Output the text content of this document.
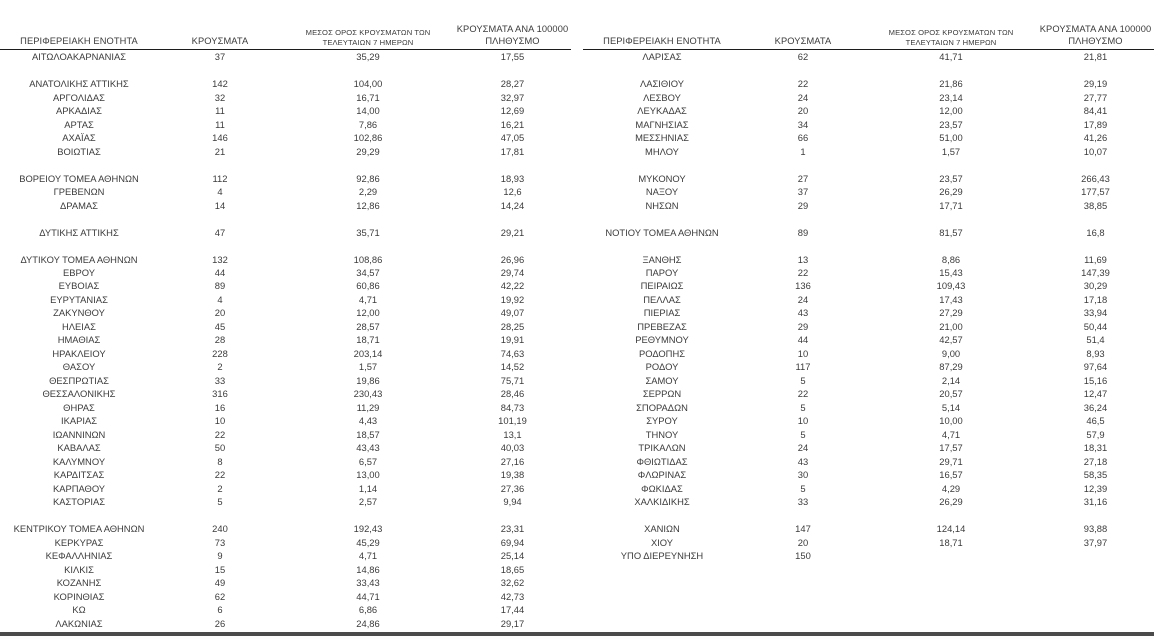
ΠΕΡΙΦΕΡΕΙΑΚΗ ΕΝΟΤΗΤΑ	ΚΡΟΥΣΜΑΤΑ
ΜΕΣΟΣ ΟΡΟΣ ΚΡΟΥΣΜΑΤΩΝ ΤΩΝ
ΤΕΛΕΥΤΑΙΩΝ 7 ΗΜΕΡΩΝ
ΚΡΟΥΣΜΑΤΑ ΑΝΑ 100000
ΠΛΗΘΥΣΜΟ
ΑΙΤΩΛΟΑΚΑΡΝΑΝΙΑΣ	37	35,29	17,55
ΑΝΑΤΟΛΙΚΗΣ ΑΤΤΙΚΗΣ	142	104,00	28,27
ΑΡΓΟΛΙΔΑΣ	32	16,71	32,97
ΑΡΚΑΔΙΑΣ	11	14,00	12,69
ΑΡΤΑΣ	11	7,86	16,21
ΑΧΑΪΑΣ	146	102,86	47,05
ΒΟΙΩΤΙΑΣ	21	29,29	17,81
ΒΟΡΕΙΟΥ ΤΟΜΕΑ ΑΘΗΝΩΝ	112	92,86	18,93
ΓΡΕΒΕΝΩΝ	4	2,29	12,6
ΔΡΑΜΑΣ	14	12,86	14,24
ΔΥΤΙΚΗΣ ΑΤΤΙΚΗΣ	47	35,71	29,21
ΔΥΤΙΚΟΥ ΤΟΜΕΑ ΑΘΗΝΩΝ	132	108,86	26,96
ΕΒΡΟΥ	44	34,57	29,74
ΕΥΒΟΙΑΣ	89	60,86	42,22
ΕΥΡΥΤΑΝΙΑΣ	4	4,71	19,92
ΖΑΚΥΝΘΟΥ	20	12,00	49,07
ΗΛΕΙΑΣ	45	28,57	28,25
ΗΜΑΘΙΑΣ	28	18,71	19,91
ΗΡΑΚΛΕΙΟΥ	228	203,14	74,63
ΘΑΣΟΥ	2	1,57	14,52
ΘΕΣΠΡΩΤΙΑΣ	33	19,86	75,71
ΘΕΣΣΑΛΟΝΙΚΗΣ	316	230,43	28,46
ΘΗΡΑΣ	16	11,29	84,73
ΙΚΑΡΙΑΣ	10	4,43	101,19
ΙΩΑΝΝΙΝΩΝ	22	18,57	13,1
ΚΑΒΑΛΑΣ	50	43,43	40,03
ΚΑΛΥΜΝΟΥ	8	6,57	27,16
ΚΑΡΔΙΤΣΑΣ	22	13,00	19,38
ΚΑΡΠΑΘΟΥ	2	1,14	27,36
ΚΑΣΤΟΡΙΑΣ	5	2,57	9,94
ΚΕΝΤΡΙΚΟΥ ΤΟΜΕΑ ΑΘΗΝΩΝ	240	192,43	23,31
ΚΕΡΚΥΡΑΣ	73	45,29	69,94
ΚΕΦΑΛΛΗΝΙΑΣ	9	4,71	25,14
ΚΙΛΚΙΣ	15	14,86	18,65
ΚΟΖΑΝΗΣ	49	33,43	32,62
ΚΟΡΙΝΘΙΑΣ	62	44,71	42,73
ΚΩ	6	6,86	17,44
ΛΑΚΩΝΙΑΣ	26	24,86	29,17
ΠΕΡΙΦΕΡΕΙΑΚΗ ΕΝΟΤΗΤΑ	ΚΡΟΥΣΜΑΤΑ
ΜΕΣΟΣ ΟΡΟΣ ΚΡΟΥΣΜΑΤΩΝ ΤΩΝ
ΤΕΛΕΥΤΑΙΩΝ 7 ΗΜΕΡΩΝ
ΚΡΟΥΣΜΑΤΑ ΑΝΑ 100000
ΠΛΗΘΥΣΜΟ
ΛΑΡΙΣΑΣ	62	41,71	21,81
ΛΑΣΙΘΙΟΥ	22	21,86	29,19
ΛΕΣΒΟΥ	24	23,14	27,77
ΛΕΥΚΑΔΑΣ	20	12,00	84,41
ΜΑΓΝΗΣΙΑΣ	34	23,57	17,89
ΜΕΣΣΗΝΙΑΣ	66	51,00	41,26
ΜΗΛΟΥ	1	1,57	10,07
ΜΥΚΟΝΟΥ	27	23,57	266,43
ΝΑΞΟΥ	37	26,29	177,57
ΝΗΣΩΝ	29	17,71	38,85
ΝΟΤΙΟΥ ΤΟΜΕΑ ΑΘΗΝΩΝ	89	81,57	16,8
ΞΑΝΘΗΣ	13	8,86	11,69
ΠΑΡΟΥ	22	15,43	147,39
ΠΕΙΡΑΙΩΣ	136	109,43	30,29
ΠΕΛΛΑΣ	24	17,43	17,18
ΠΙΕΡΙΑΣ	43	27,29	33,94
ΠΡΕΒΕΖΑΣ	29	21,00	50,44
ΡΕΘΥΜΝΟΥ	44	42,57	51,4
ΡΟΔΟΠΗΣ	10	9,00	8,93
ΡΟΔΟΥ	117	87,29	97,64
ΣΑΜΟΥ	5	2,14	15,16
ΣΕΡΡΩΝ	22	20,57	12,47
ΣΠΟΡΑΔΩΝ	5	5,14	36,24
ΣΥΡΟΥ	10	10,00	46,5
ΤΗΝΟΥ	5	4,71	57,9
ΤΡΙΚΑΛΩΝ	24	17,57	18,31
ΦΘΙΩΤΙΔΑΣ	43	29,71	27,18
ΦΛΩΡΙΝΑΣ	30	16,57	58,35
ΦΩΚΙΔΑΣ	5	4,29	12,39
ΧΑΛΚΙΔΙΚΗΣ	33	26,29	31,16
ΧΑΝΙΩΝ	147	124,14	93,88
ΧΙΟΥ	20	18,71	37,97
ΥΠΟ ΔΙΕΡΕΥΝΗΣΗ	150
